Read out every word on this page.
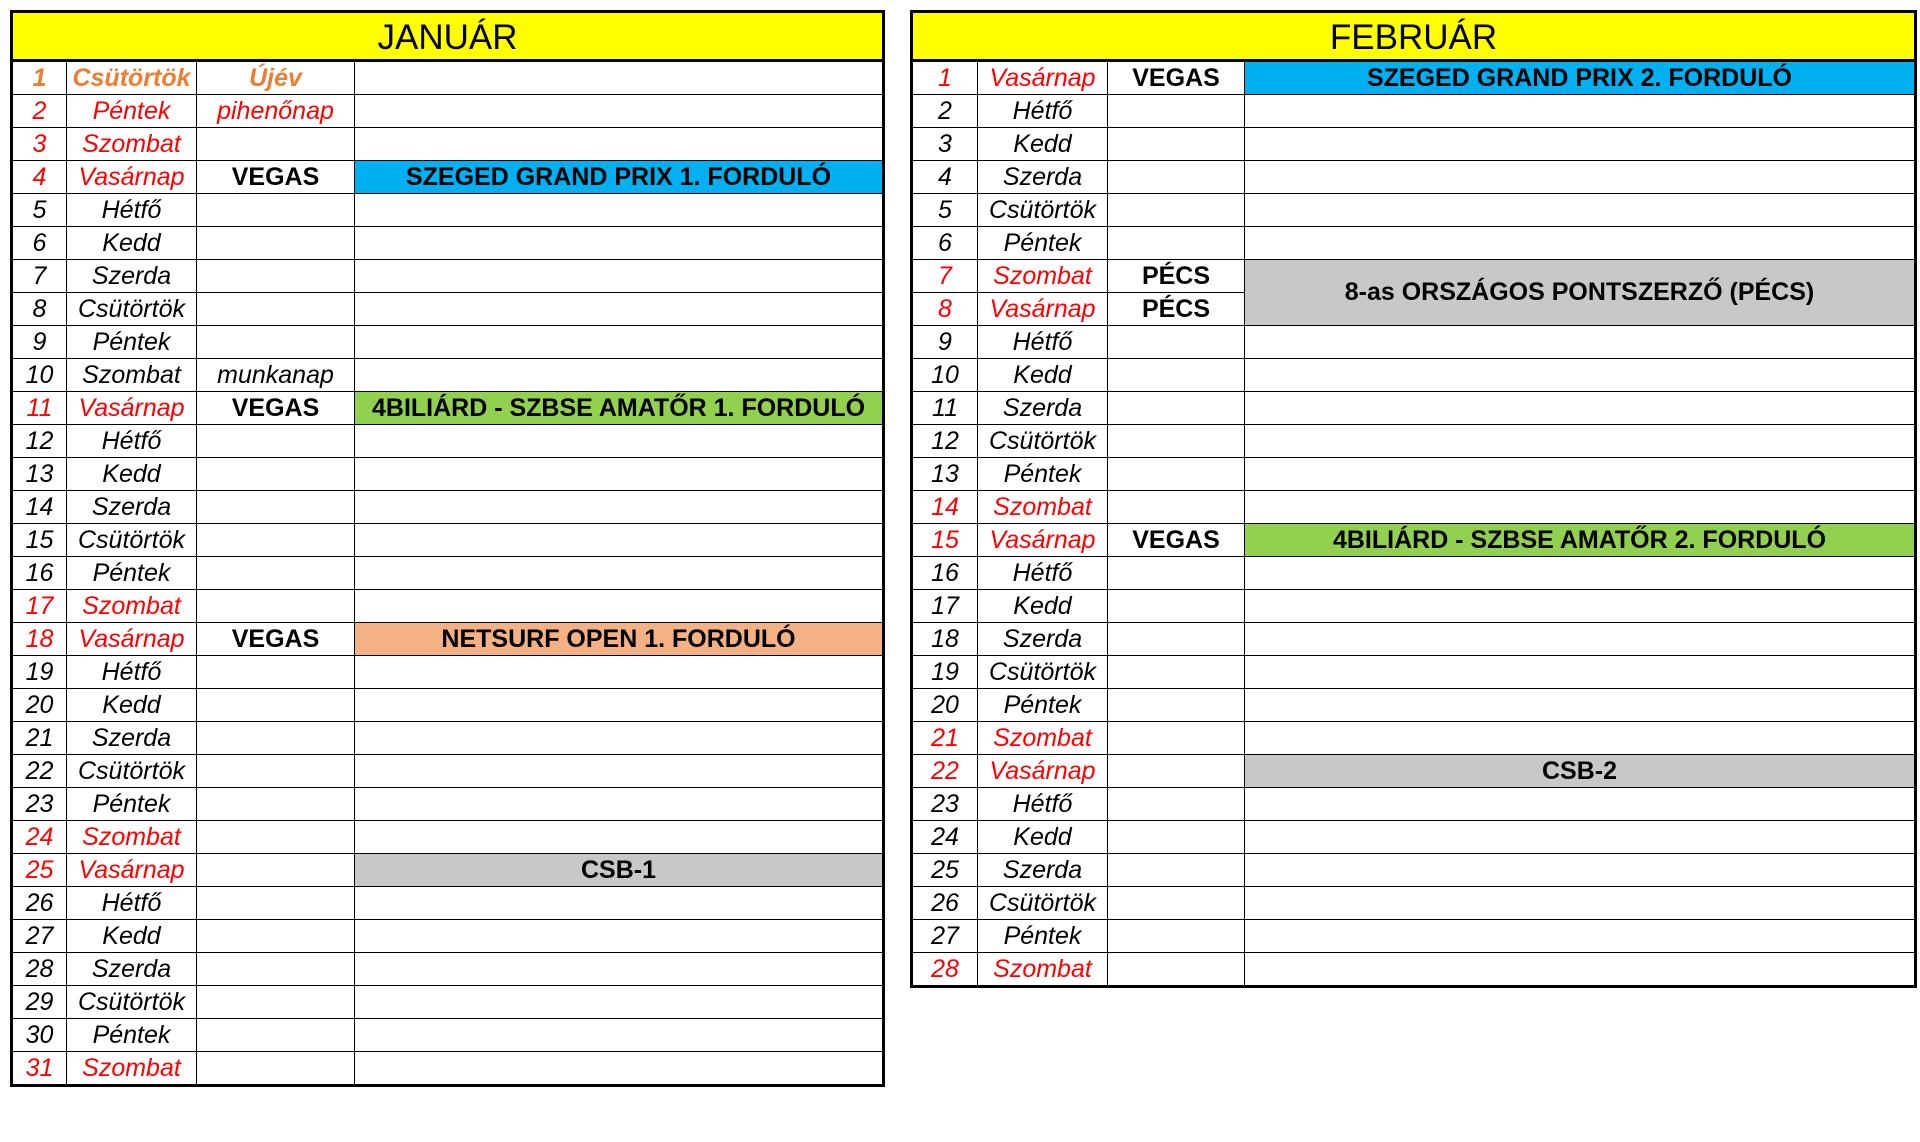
JANUÁR			
1	Csütörtök	Újév	
2	Péntek	pihenőnap	
3	Szombat		
4	Vasárnap	VEGAS	SZEGED GRAND PRIX 1. FORDULÓ
5	Hétfő		
6	Kedd		
7	Szerda		
8	Csütörtök		
9	Péntek		
10	Szombat	munkanap	
11	Vasárnap	VEGAS	4BILIÁRD - SZBSE AMATŐR 1. FORDULÓ
12	Hétfő		
13	Kedd		
14	Szerda		
15	Csütörtök		
16	Péntek		
17	Szombat		
18	Vasárnap	VEGAS	NETSURF OPEN 1. FORDULÓ
19	Hétfő		
20	Kedd		
21	Szerda		
22	Csütörtök		
23	Péntek		
24	Szombat		
25	Vasárnap		CSB-1
26	Hétfő		
27	Kedd		
28	Szerda		
29	Csütörtök		
30	Péntek		
31	Szombat		
FEBRUÁR			
1	Vasárnap	VEGAS	SZEGED GRAND PRIX 2. FORDULÓ
2	Hétfő		
3	Kedd		
4	Szerda		
5	Csütörtök		
6	Péntek		
7	Szombat	PÉCS	8-as ORSZÁGOS PONTSZERZŐ (PÉCS)
8	Vasárnap	PÉCS	
9	Hétfő		
10	Kedd		
11	Szerda		
12	Csütörtök		
13	Péntek		
14	Szombat		
15	Vasárnap	VEGAS	4BILIÁRD - SZBSE AMATŐR 2. FORDULÓ
16	Hétfő		
17	Kedd		
18	Szerda		
19	Csütörtök		
20	Péntek		
21	Szombat		
22	Vasárnap		CSB-2
23	Hétfő		
24	Kedd		
25	Szerda		
26	Csütörtök		
27	Péntek		
28	Szombat		
